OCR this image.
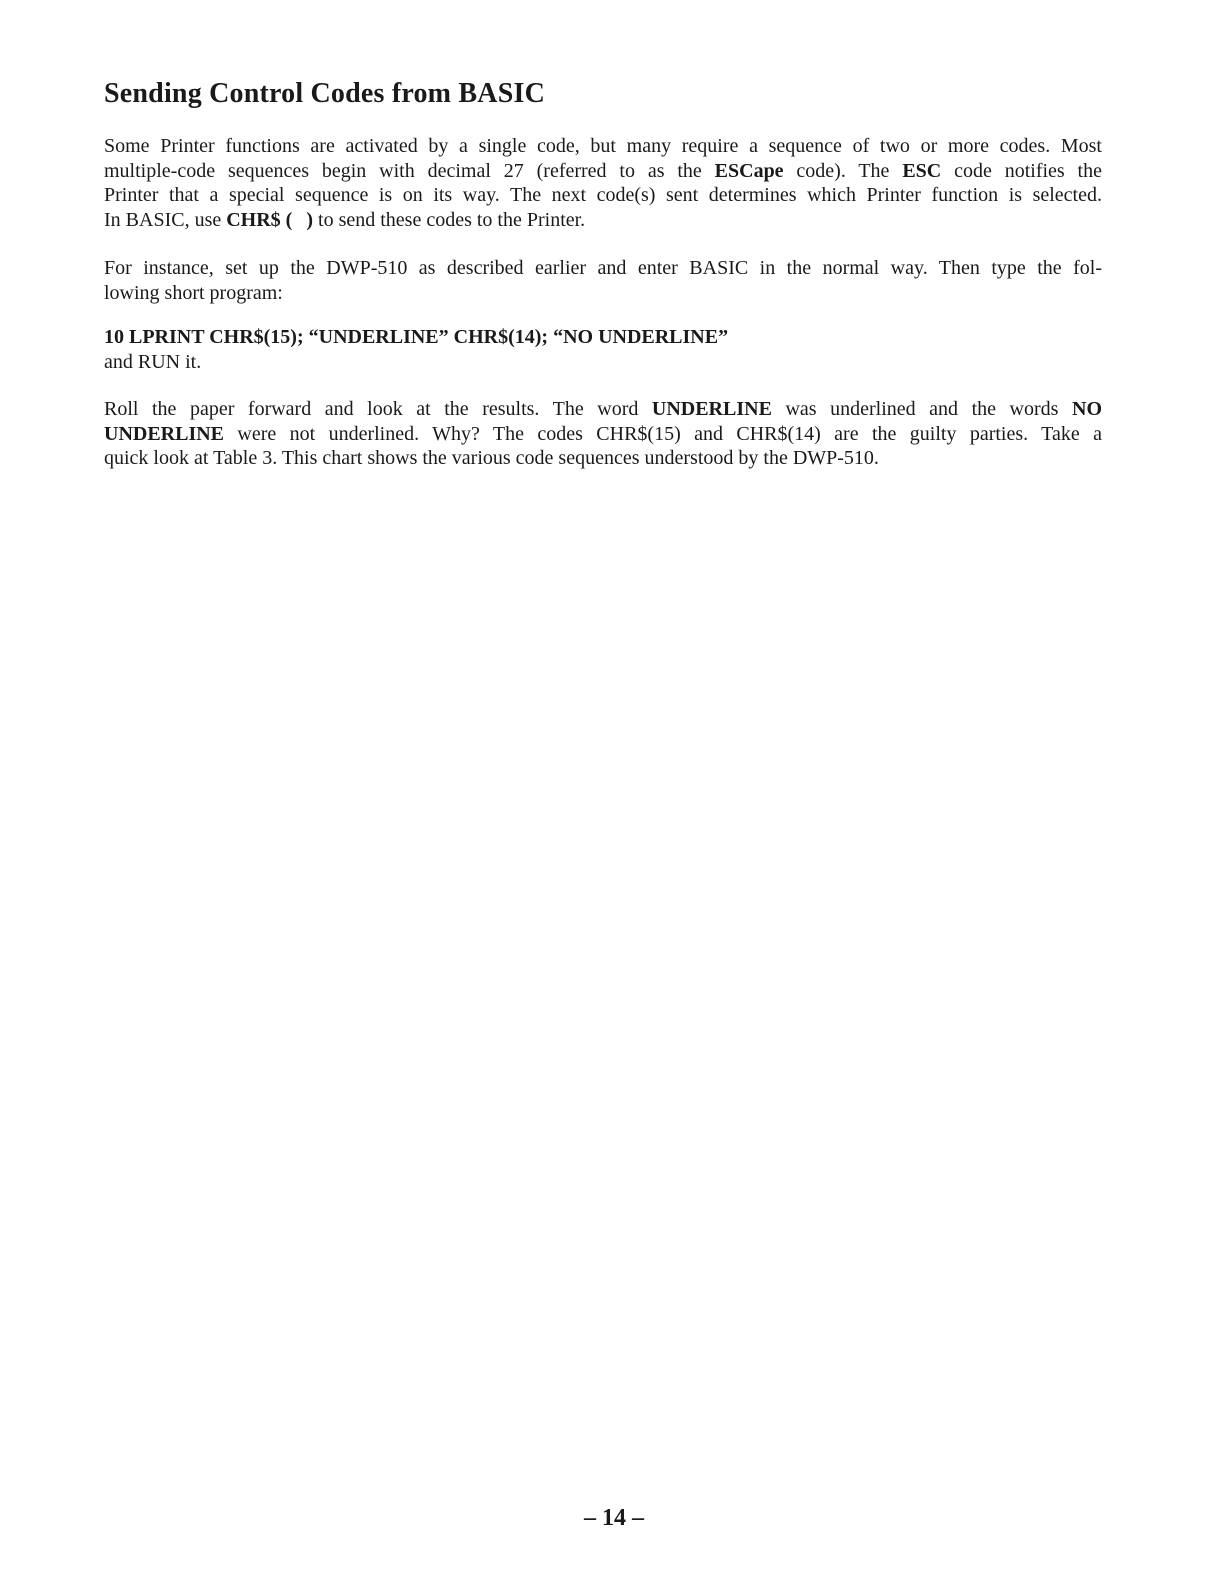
Sending Control Codes from BASIC
Some Printer functions are activated by a single code, but many require a sequence of two or more codes. Most
multiple-code sequences begin with decimal 27 (referred to as the ESCape code). The ESC code notifies the
Printer that a special sequence is on its way. The next code(s) sent determines which Printer function is selected.
In BASIC, use CHR$ ( ) to send these codes to the Printer.
For instance, set up the DWP-510 as described earlier and enter BASIC in the normal way. Then type the fol-
lowing short program:
10 LPRINT CHR$(15); “UNDERLINE” CHR$(14); “NO UNDERLINE”
and RUN it.
Roll the paper forward and look at the results. The word UNDERLINE was underlined and the words NO
UNDERLINE were not underlined. Why? The codes CHR$(15) and CHR$(14) are the guilty parties. Take a
quick look at Table 3. This chart shows the various code sequences understood by the DWP-510.
– 14 –
